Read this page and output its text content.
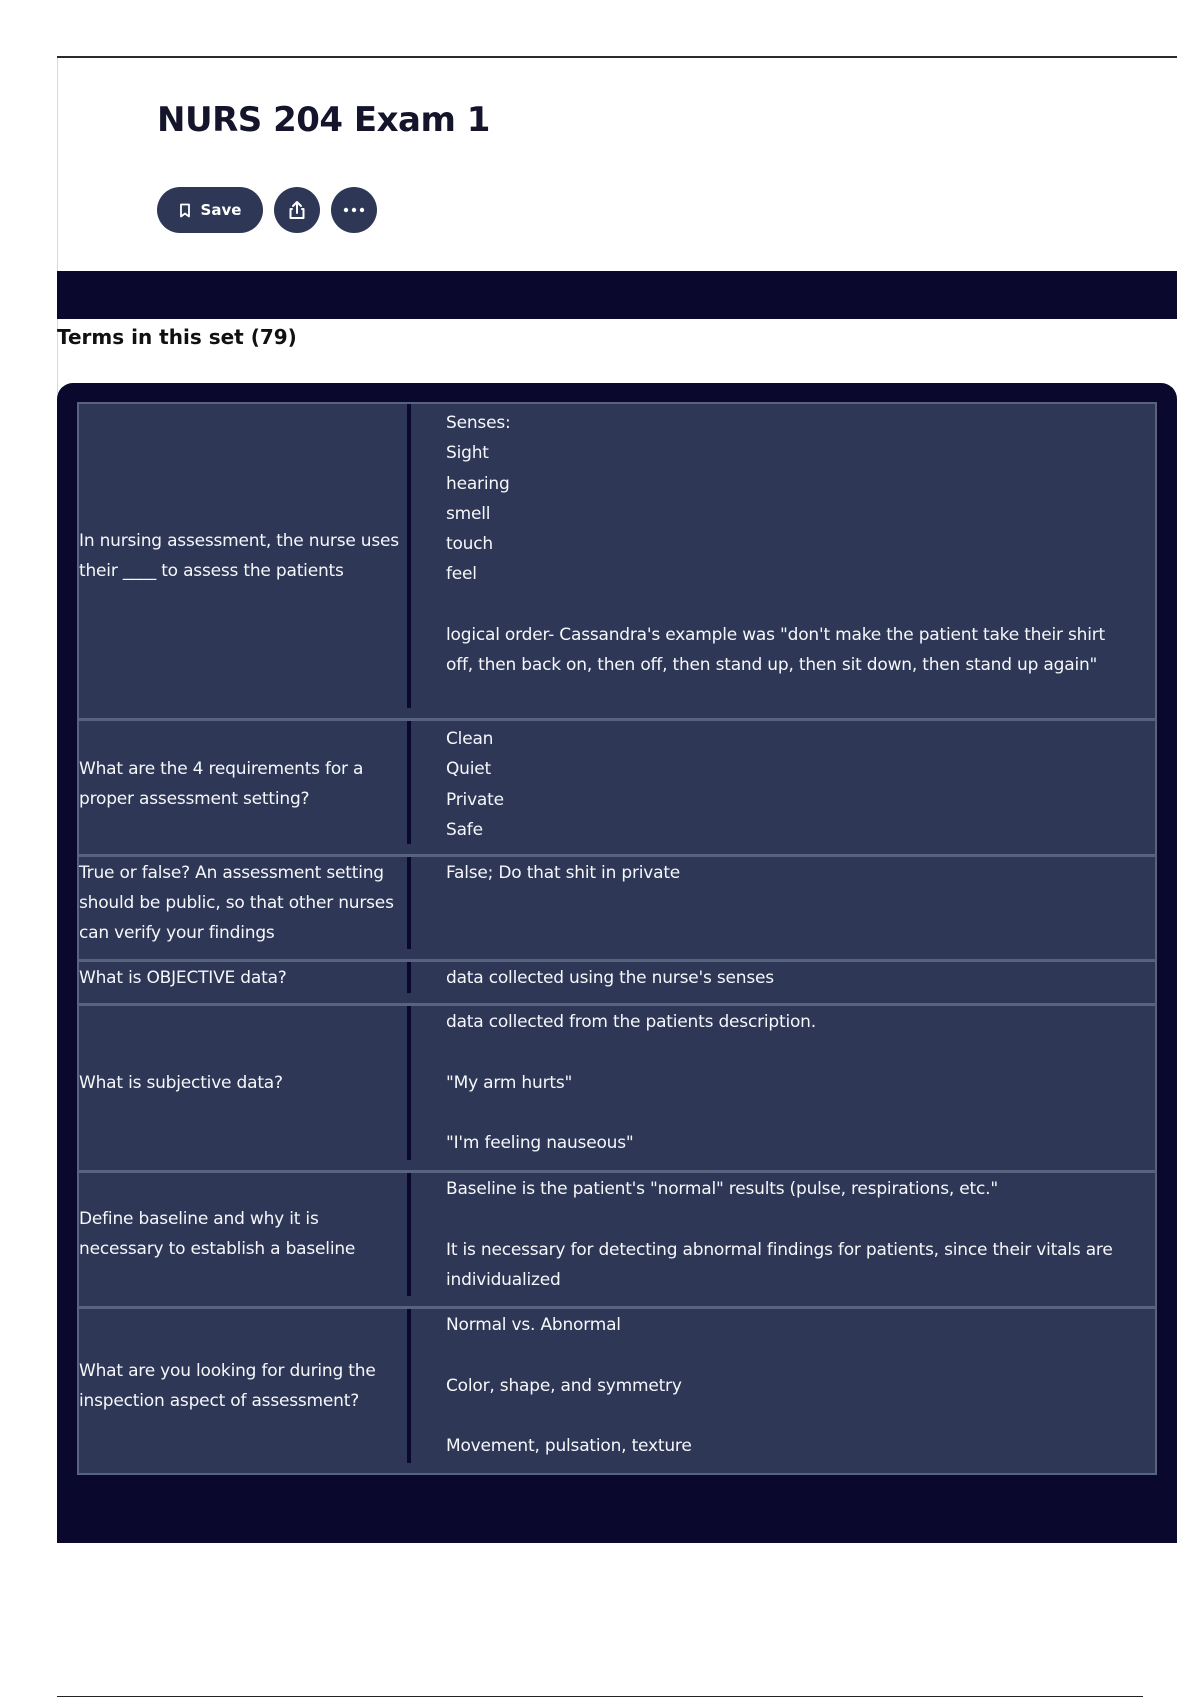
NURS 204 Exam 1
Save
Terms in this set (79)
In nursing assessment, the nurse uses their ____ to assess the patients
Senses:
Sight
hearing
smell
touch
feel

logical order- Cassandra's example was "don't make the patient take their shirt off, then back on, then off, then stand up, then sit down, then stand up again"
What are the 4 requirements for a proper assessment setting?
Clean
Quiet
Private
Safe
True or false? An assessment setting should be public, so that other nurses can verify your findings
False; Do that shit in private
What is OBJECTIVE data?	data collected using the nurse's senses
What is subjective data?
data collected from the patients description.

"My arm hurts"

"I'm feeling nauseous"
Define baseline and why it is necessary to establish a baseline
Baseline is the patient's "normal" results (pulse, respirations, etc."

It is necessary for detecting abnormal findings for patients, since their vitals are individualized
What are you looking for during the inspection aspect of assessment?
Normal vs. Abnormal

Color, shape, and symmetry

Movement, pulsation, texture
